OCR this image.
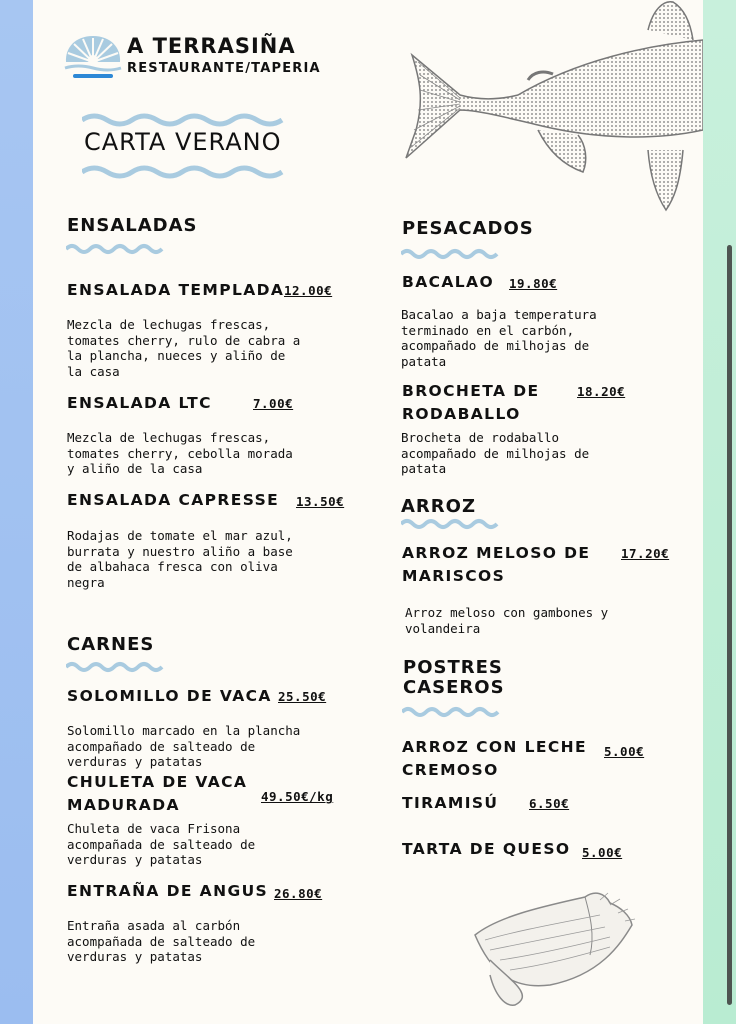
A TERRASIÑA
RESTAURANTE/TAPERIA
CARTA VERANO
ENSALADAS
ENSALADA TEMPLADA 12.00€
Mezcla de lechugas frescas,
tomates cherry, rulo de cabra a
la plancha, nueces y aliño de
la casa
ENSALADA LTC	7.00€
Mezcla de lechugas frescas,
tomates cherry, cebolla morada
y aliño de la casa
ENSALADA CAPRESSE 13.50€
Rodajas de tomate el mar azul,
burrata y nuestro aliño a base
de albahaca fresca con oliva
negra
CARNES
SOLOMILLO DE VACA 25.50€
Solomillo marcado en la plancha
acompañado de salteado de
verduras y patatas
CHULETA DE VACA
MADURADA	49.50€/kg
Chuleta de vaca Frisona
acompañada de salteado de
verduras y patatas
ENTRAÑA DE ANGUS 26.80€
Entraña asada al carbón
acompañada de salteado de
verduras y patatas
PESACADOS
BACALAO 19.80€
Bacalao a baja temperatura
terminado en el carbón,
acompañado de milhojas de
patata
BROCHETA DE
RODABALLO
18.20€
Brocheta de rodaballo
acompañado de milhojas de
patata
ARROZ
ARROZ MELOSO DE
MARISCOS
17.20€
Arroz meloso con gambones y
volandeira
POSTRES
CASEROS
ARROZ CON LECHE
CREMOSO
5.00€
TIRAMISÚ 6.50€
TARTA DE QUESO 5.00€
